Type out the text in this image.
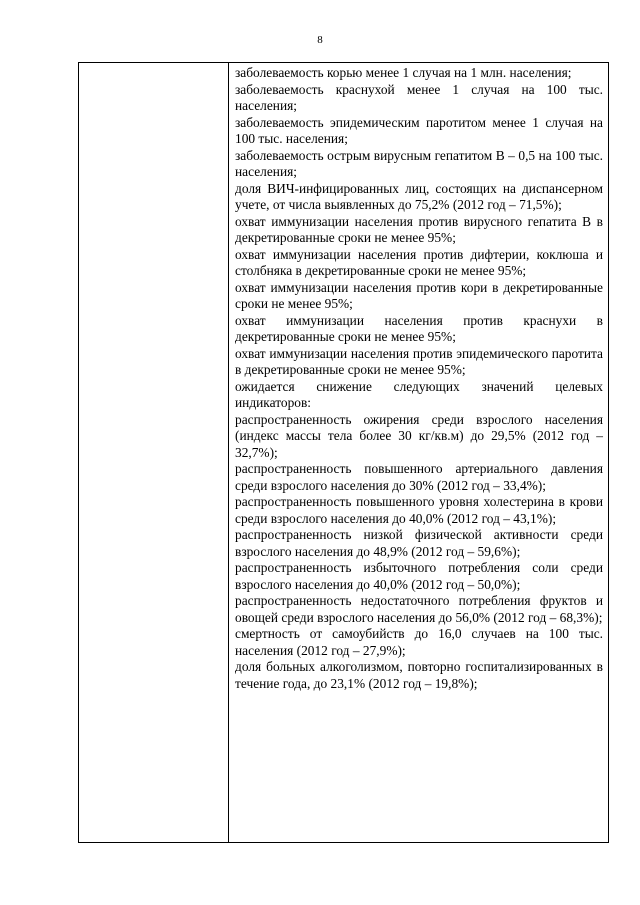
8
заболеваемость корью менее 1 случая на 1 млн. населения;
заболеваемость краснухой менее 1 случая на 100 тыс. населения;
заболеваемость эпидемическим паротитом менее 1 случая на 100 тыс. населения;
заболеваемость острым вирусным гепатитом В – 0,5 на 100 тыс. населения;
доля ВИЧ-инфицированных лиц, состоящих на диспансерном учете, от числа выявленных до 75,2% (2012 год – 71,5%);
охват иммунизации населения против вирусного гепатита В в декретированные сроки не менее 95%;
охват иммунизации населения против дифтерии, коклюша и столбняка в декретированные сроки не менее 95%;
охват иммунизации населения против кори в декретированные сроки не менее 95%;
охват иммунизации населения против краснухи в декретированные сроки не менее 95%;
охват иммунизации населения против эпидемического паротита в декретированные сроки не менее 95%;
ожидается снижение следующих значений целевых индикаторов:
распространенность ожирения среди взрослого населения (индекс массы тела более 30 кг/кв.м) до 29,5% (2012 год – 32,7%);
распространенность повышенного артериального давления среди взрослого населения до 30% (2012 год – 33,4%);
распространенность повышенного уровня холестерина в крови среди взрослого населения до 40,0% (2012 год – 43,1%);
распространенность низкой физической активности среди взрослого населения до 48,9% (2012 год – 59,6%);
распространенность избыточного потребления соли среди взрослого населения до 40,0% (2012 год – 50,0%);
распространенность недостаточного потребления фруктов и овощей среди взрослого населения до 56,0% (2012 год – 68,3%);
смертность от самоубийств до 16,0 случаев на 100 тыс. населения (2012 год – 27,9%);
доля больных алкоголизмом, повторно госпитализированных в течение года, до 23,1% (2012 год – 19,8%);
